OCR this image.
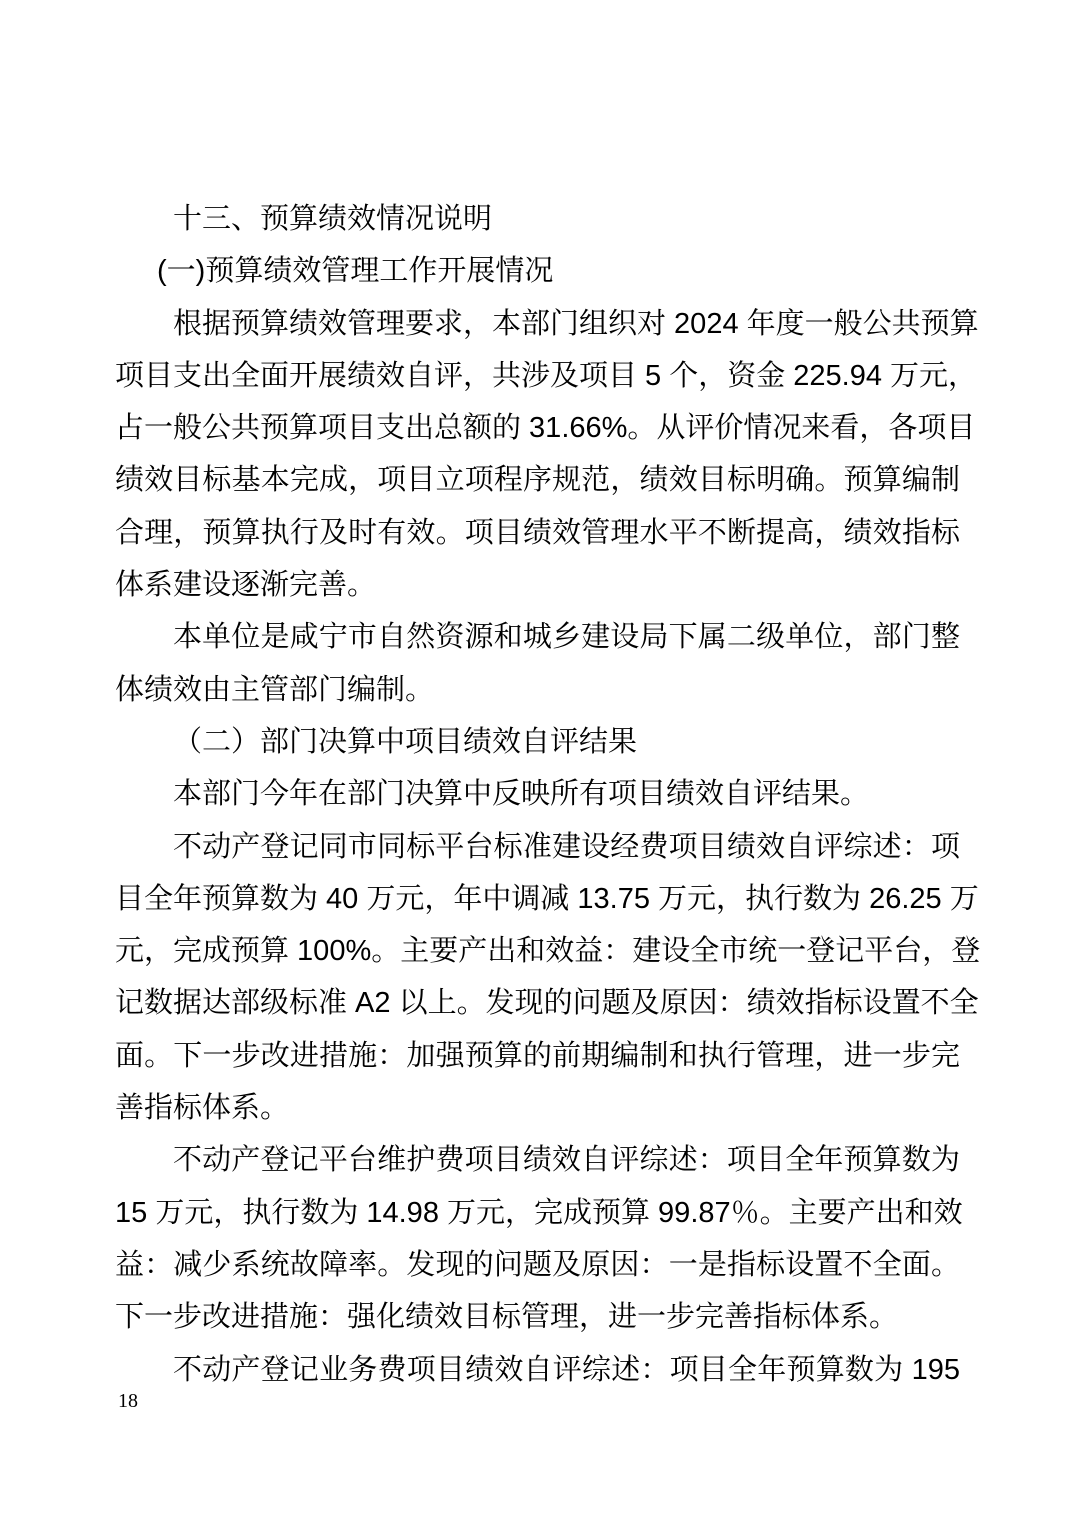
十三、预算绩效情况说明
(一)预算绩效管理工作开展情况
根据预算绩效管理要求，本部门组织对 2024 年度一般公共预算
项目支出全面开展绩效自评，共涉及项目 5 个，资金 225.94 万元，
占一般公共预算项目支出总额的 31.66%。从评价情况来看，各项目
绩效目标基本完成，项目立项程序规范，绩效目标明确。预算编制
合理，预算执行及时有效。项目绩效管理水平不断提高，绩效指标
体系建设逐渐完善。
本单位是咸宁市自然资源和城乡建设局下属二级单位，部门整
体绩效由主管部门编制。
（二）部门决算中项目绩效自评结果
本部门今年在部门决算中反映所有项目绩效自评结果。
不动产登记同市同标平台标准建设经费项目绩效自评综述：项
目全年预算数为 40 万元，年中调减 13.75 万元，执行数为 26.25 万
元，完成预算 100%。主要产出和效益：建设全市统一登记平台，登
记数据达部级标准 A2 以上。发现的问题及原因：绩效指标设置不全
面。下一步改进措施：加强预算的前期编制和执行管理，进一步完
善指标体系。
不动产登记平台维护费项目绩效自评综述：项目全年预算数为
15 万元，执行数为 14.98 万元，完成预算 99.87％。主要产出和效
益：减少系统故障率。发现的问题及原因：一是指标设置不全面。
下一步改进措施：强化绩效目标管理，进一步完善指标体系。
不动产登记业务费项目绩效自评综述：项目全年预算数为 195
18
